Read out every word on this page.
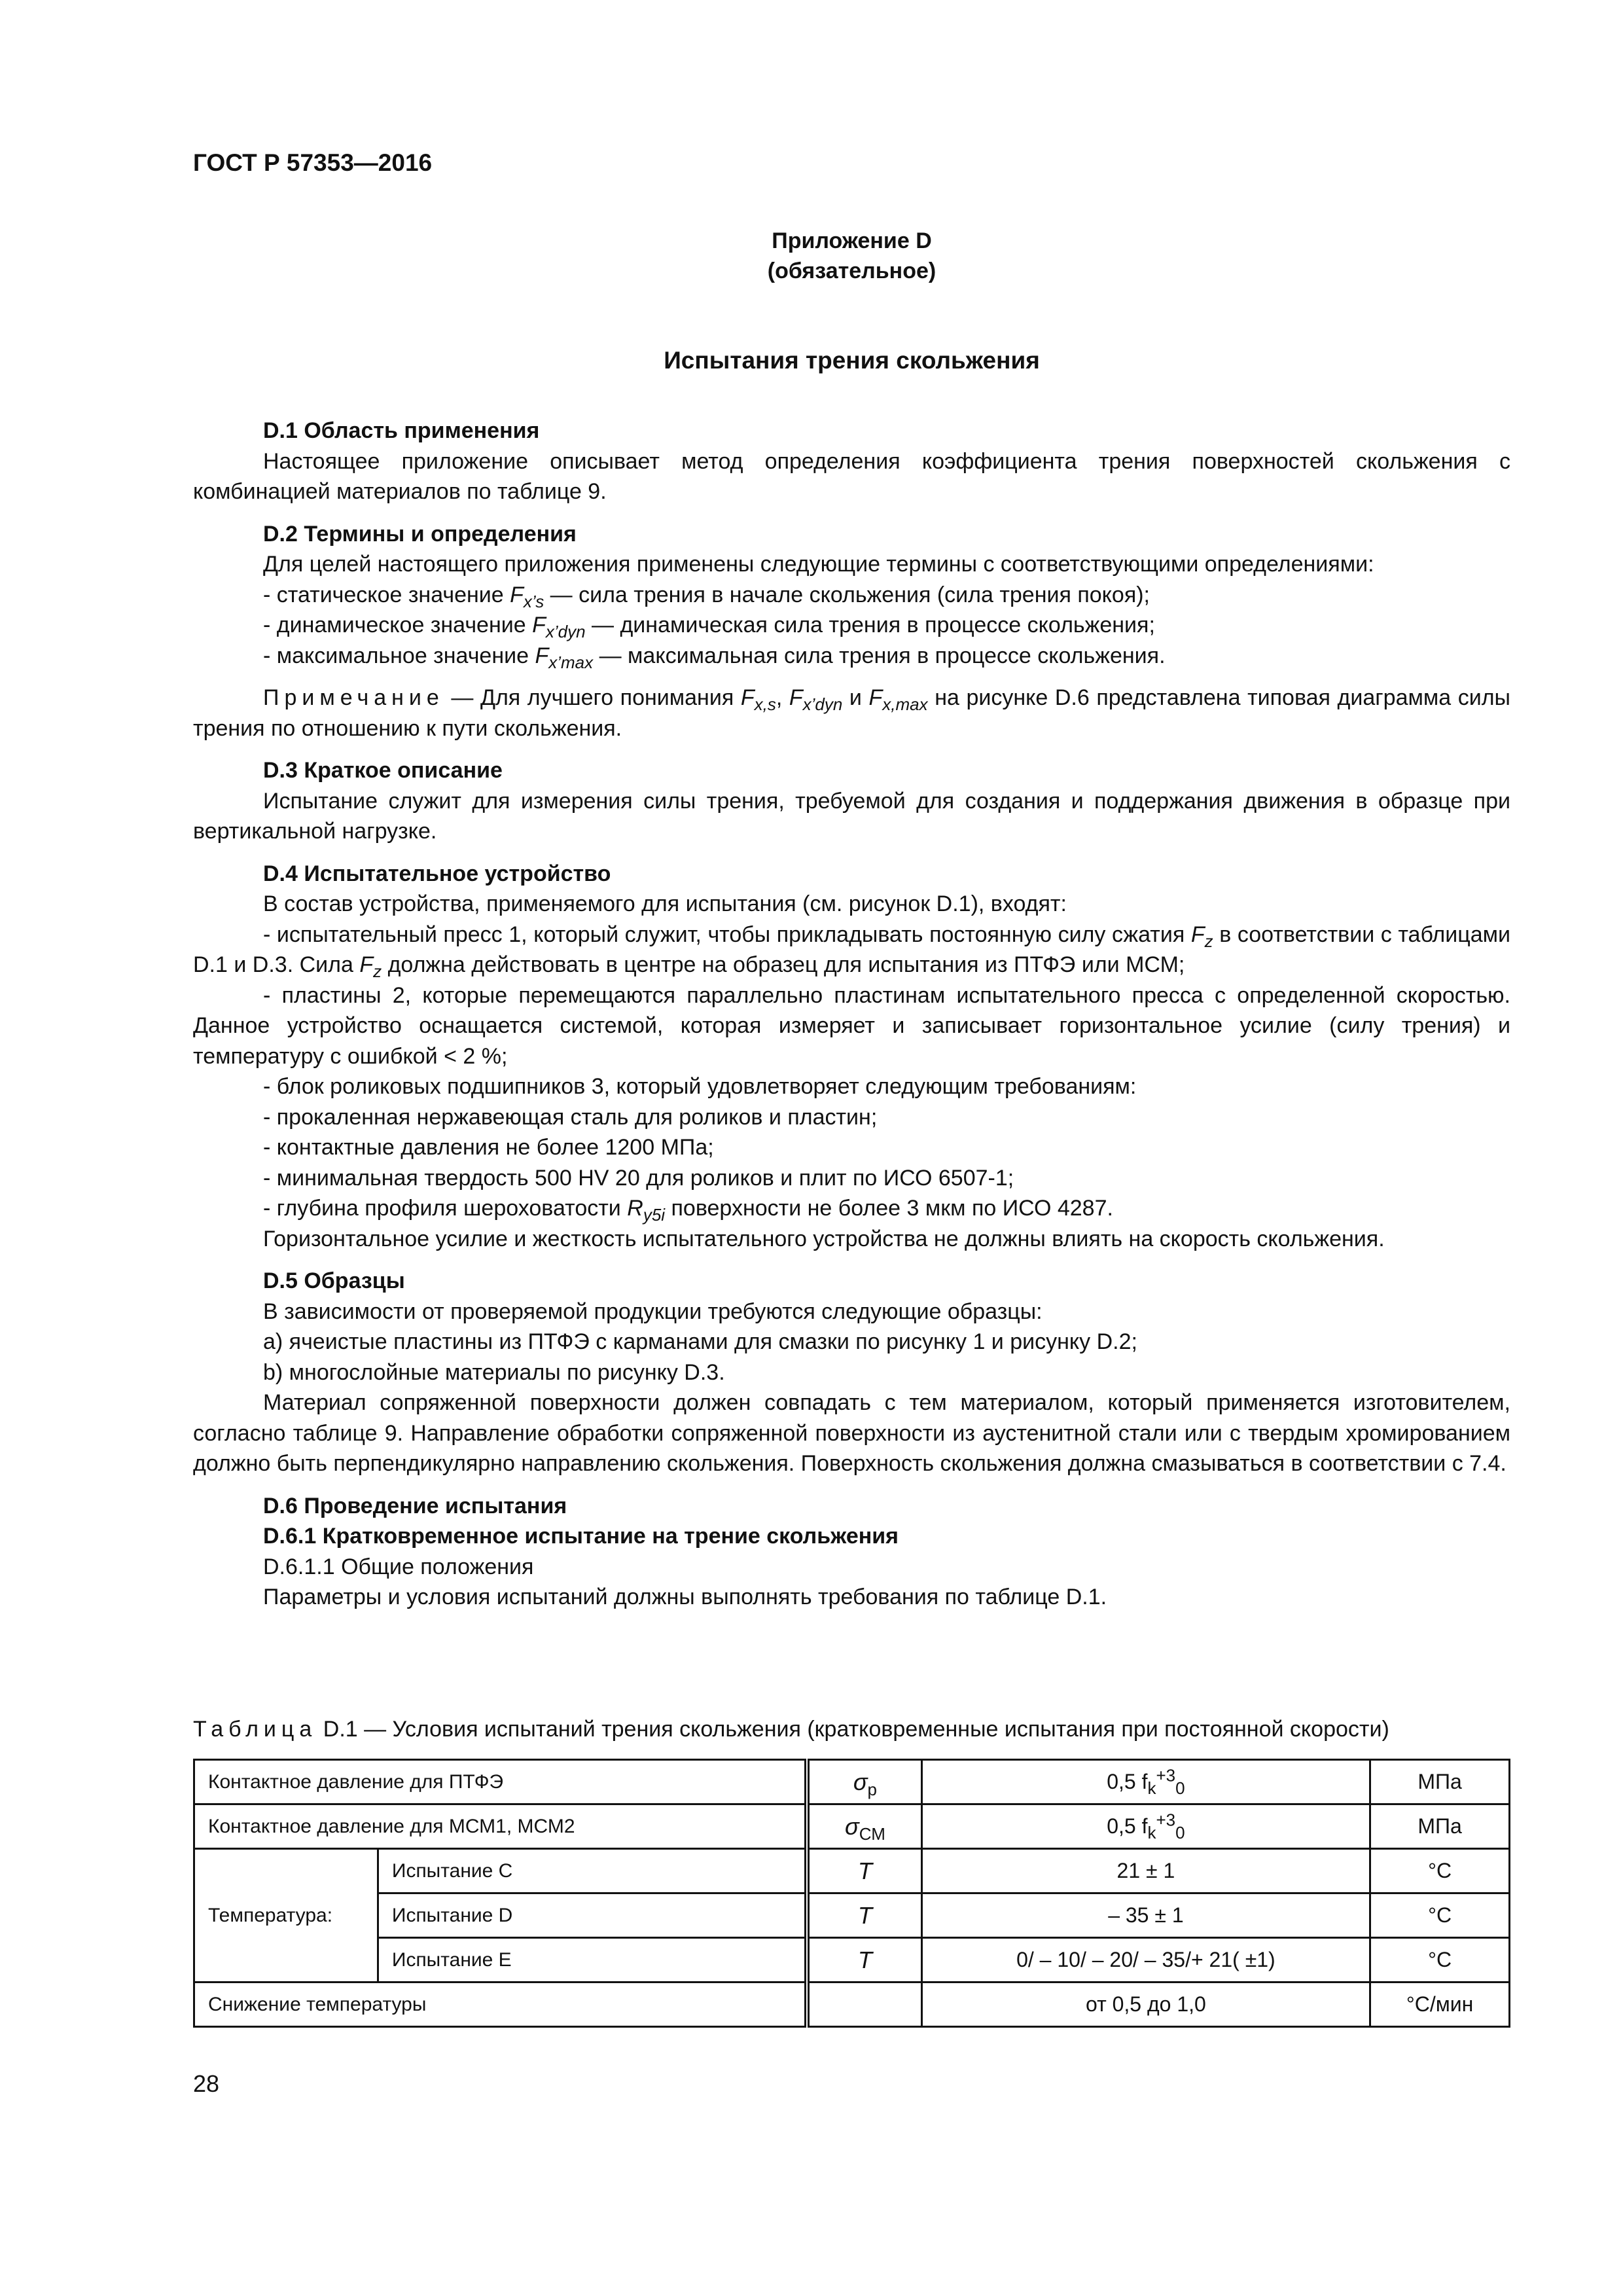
ГОСТ Р 57353—2016
Приложение D
(обязательное)
Испытания трения скольжения

D.1 Область применения

Настоящее приложение описывает метод определения коэффициента трения поверхностей скольжения с комбинацией материалов по таблице 9.

D.2 Термины и определения

Для целей настоящего приложения применены следующие термины с соответствующими определениями:

- статическое значение $F_{x’s}$ — сила трения в начале скольжения (сила трения покоя);

- динамическое значение $F_{x’dyn}$ — динамическая сила трения в процессе скольжения;

- максимальное значение $F_{x’max}$ — максимальная сила трения в процессе скольжения.

Примечание — Для лучшего понимания $F_{x,s}$, $F_{x’dyn}$ и $F_{x,max}$ на рисунке D.6 представлена типовая диаграмма силы трения по отношению к пути скольжения.

D.3 Краткое описание

Испытание служит для измерения силы трения, требуемой для создания и поддержания движения в образце при вертикальной нагрузке.

D.4 Испытательное устройство

В состав устройства, применяемого для испытания (см. рисунок D.1), входят:

- испытательный пресс 1, который служит, чтобы прикладывать постоянную силу сжатия $F_z$ в соответствии с таблицами D.1 и D.3. Сила $F_z$ должна действовать в центре на образец для испытания из ПТФЭ или МСМ;

- пластины 2, которые перемещаются параллельно пластинам испытательного пресса с определенной скоростью. Данное устройство оснащается системой, которая измеряет и записывает горизонтальное усилие (силу трения) и температуру с ошибкой < 2 %;

- блок роликовых подшипников 3, который удовлетворяет следующим требованиям:

- прокаленная нержавеющая сталь для роликов и пластин;

- контактные давления не более 1200 МПа;

- минимальная твердость 500 HV 20 для роликов и плит по ИСО 6507-1;

- глубина профиля шероховатости $R_{y5i}$ поверхности не более 3 мкм по ИСО 4287.

Горизонтальное усилие и жесткость испытательного устройства не должны влиять на скорость скольжения.

D.5 Образцы

В зависимости от проверяемой продукции требуются следующие образцы:

a) ячеистые пластины из ПТФЭ с карманами для смазки по рисунку 1 и рисунку D.2;

b) многослойные материалы по рисунку D.3.

Материал сопряженной поверхности должен совпадать с тем материалом, который применяется изготовителем, согласно таблице 9. Направление обработки сопряженной поверхности из аустенитной стали или с твердым хромированием должно быть перпендикулярно направлению скольжения. Поверхность скольжения должна смазываться в соответствии с 7.4.

D.6 Проведение испытания

D.6.1 Кратковременное испытание на трение скольжения

D.6.1.1 Общие положения

Параметры и условия испытаний должны выполнять требования по таблице D.1.

Таблица D.1 — Условия испытаний трения скольжения (кратковременные испытания при постоянной скорости)
Контактное давление для ПТФЭ		$\sigma_p$	0,5 $f_k^{+3}_0$	МПа
Контактное давление для МСМ1, МСМ2		$\sigma_{СМ}$	0,5 $f_k^{+3}_0$	МПа
Температура:	Испытание С	T	21 ± 1	°С
	Испытание D	T	– 35 ± 1	°С
	Испытание Е	T	0/ – 10/ – 20/ – 35/+ 21( ±1)	°С
Снижение температуры			от 0,5 до 1,0	°С/мин
28
